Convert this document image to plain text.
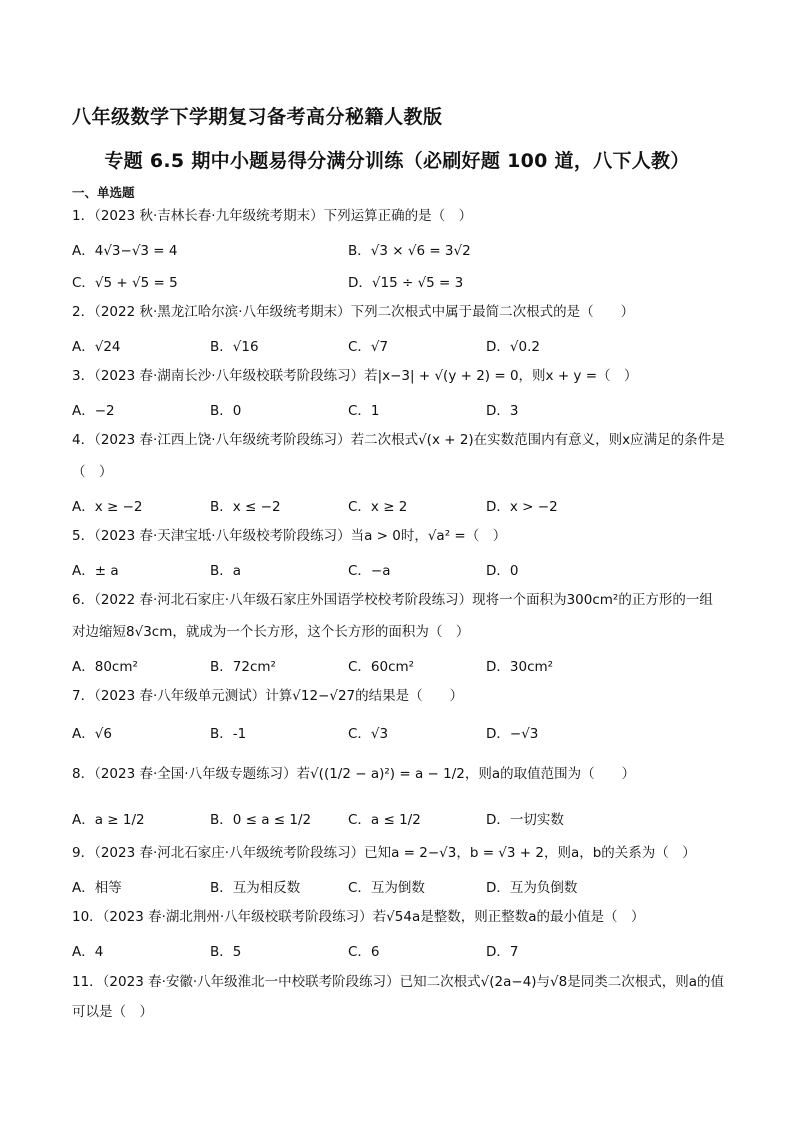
八年级数学下学期复习备考高分秘籍人教版
专题 6.5 期中小题易得分满分训练（必刷好题 100 道，八下人教）
一、单选题
1．（2023 秋·吉林长春·九年级统考期末）下列运算正确的是（　）
A．4√3−√3 = 4	B．√3 × √6 = 3√2
C．√5 + √5 = 5	D．√15 ÷ √5 = 3
2．（2022 秋·黑龙江哈尔滨·八年级统考期末）下列二次根式中属于最简二次根式的是（　　）
A．√24	B．√16	C．√7	D．√0.2
3．（2023 春·湖南长沙·八年级校联考阶段练习）若|x−3| + √(y + 2) = 0，则x + y =（　）
A．−2	B．0	C．1	D．3
4．（2023 春·江西上饶·八年级统考阶段练习）若二次根式√(x + 2)在实数范围内有意义，则x应满足的条件是
（　）
A．x ≥ −2	B．x ≤ −2	C．x ≥ 2	D．x > −2
5．（2023 春·天津宝坻·八年级校考阶段练习）当a > 0时，√a² =（　）
A．± a	B．a	C．−a	D．0
6．（2022 春·河北石家庄·八年级石家庄外国语学校校考阶段练习）现将一个面积为300cm²的正方形的一组
对边缩短8√3cm，就成为一个长方形，这个长方形的面积为（　）
A．80cm²	B．72cm²	C．60cm²	D．30cm²
7．（2023 春·八年级单元测试）计算√12−√27的结果是（　　）
A．√6	B．-1	C．√3	D．−√3
8．（2023 春·全国·八年级专题练习）若√((1/2 − a)²) = a − 1/2，则a的取值范围为（　　）
A．a ≥ 1/2	B．0 ≤ a ≤ 1/2	C．a ≤ 1/2	D．一切实数
9．（2023 春·河北石家庄·八年级统考阶段练习）已知a = 2−√3，b = √3 + 2，则a，b的关系为（　）
A．相等	B．互为相反数	C．互为倒数	D．互为负倒数
10．（2023 春·湖北荆州·八年级校联考阶段练习）若√54a是整数，则正整数a的最小值是（　）
A．4	B．5	C．6	D．7
11．（2023 春·安徽·八年级淮北一中校联考阶段练习）已知二次根式√(2a−4)与√8是同类二次根式，则a的值
可以是（　）
